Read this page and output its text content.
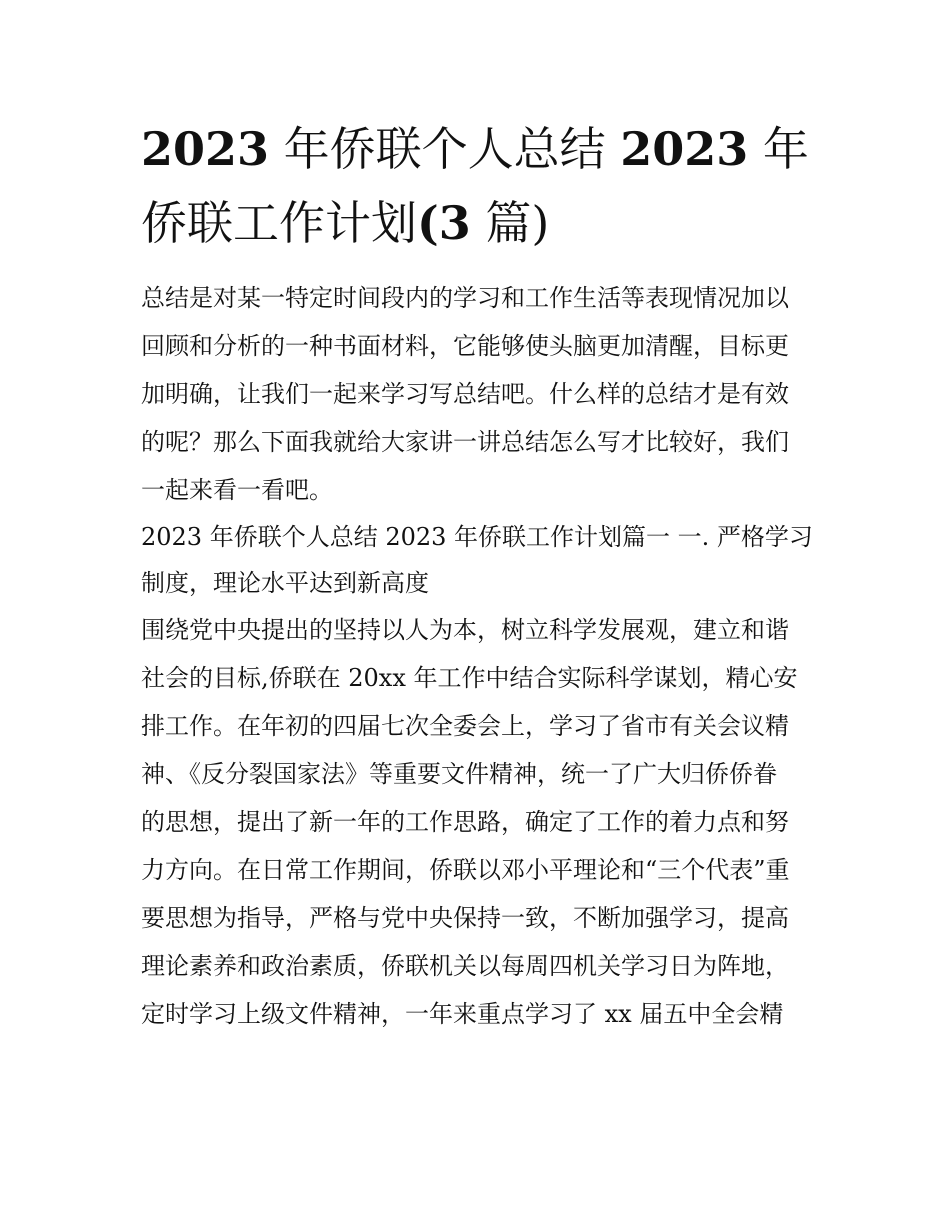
2023 年侨联个人总结 2023 年
侨联工作计划(3 篇)
总结是对某一特定时间段内的学习和工作生活等表现情况加以
回顾和分析的一种书面材料，它能够使头脑更加清醒，目标更
加明确，让我们一起来学习写总结吧。什么样的总结才是有效
的呢？那么下面我就给大家讲一讲总结怎么写才比较好，我们
一起来看一看吧。
2023 年侨联个人总结 2023 年侨联工作计划篇一 一. 严格学习
制度，理论水平达到新高度
围绕党中央提出的坚持以人为本，树立科学发展观，建立和谐
社会的目标,侨联在 20xx 年工作中结合实际科学谋划，精心安
排工作。在年初的四届七次全委会上，学习了省市有关会议精
神、《反分裂国家法》等重要文件精神，统一了广大归侨侨眷
的思想，提出了新一年的工作思路，确定了工作的着力点和努
力方向。在日常工作期间，侨联以邓小平理论和“三个代表”重
要思想为指导，严格与党中央保持一致，不断加强学习，提高
理论素养和政治素质，侨联机关以每周四机关学习日为阵地，
定时学习上级文件精神，一年来重点学习了 xx 届五中全会精
